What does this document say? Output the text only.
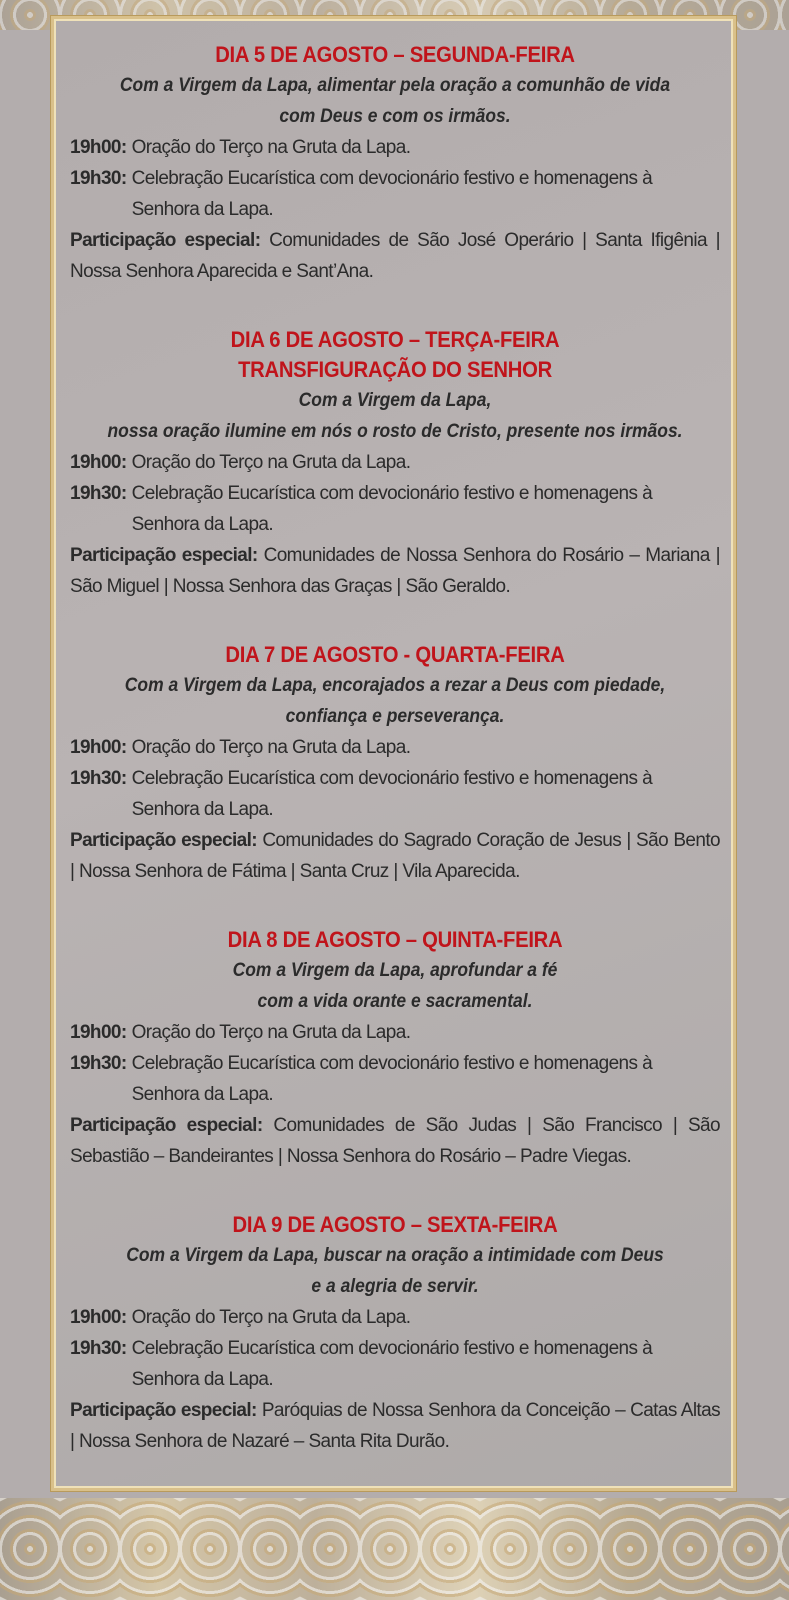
DIA 5 DE AGOSTO – SEGUNDA-FEIRA
Com a Virgem da Lapa, alimentar pela oração a comunhão de vida
com Deus e com os irmãos.
19h00: Oração do Terço na Gruta da Lapa.
19h30: Celebração Eucarística com devocionário festivo e homenagens à Senhora da Lapa.
Participação especial: Comunidades de São José Operário | Santa Ifigênia | Nossa Senhora Aparecida e Sant’Ana.
DIA 6 DE AGOSTO – TERÇA-FEIRA
TRANSFIGURAÇÃO DO SENHOR
Com a Virgem da Lapa,
nossa oração ilumine em nós o rosto de Cristo, presente nos irmãos.
19h00: Oração do Terço na Gruta da Lapa.
19h30: Celebração Eucarística com devocionário festivo e homenagens à Senhora da Lapa.
Participação especial: Comunidades de Nossa Senhora do Rosário – Mariana | São Miguel | Nossa Senhora das Graças | São Geraldo.
DIA 7 DE AGOSTO - QUARTA-FEIRA
Com a Virgem da Lapa, encorajados a rezar a Deus com piedade,
confiança e perseverança.
19h00: Oração do Terço na Gruta da Lapa.
19h30: Celebração Eucarística com devocionário festivo e homenagens à Senhora da Lapa.
Participação especial: Comunidades do Sagrado Coração de Jesus | São Bento | Nossa Senhora de Fátima | Santa Cruz | Vila Aparecida.
DIA 8 DE AGOSTO – QUINTA-FEIRA
Com a Virgem da Lapa, aprofundar a fé
com a vida orante e sacramental.
19h00: Oração do Terço na Gruta da Lapa.
19h30: Celebração Eucarística com devocionário festivo e homenagens à Senhora da Lapa.
Participação especial: Comunidades de São Judas | São Francisco | São Sebastião – Bandeirantes | Nossa Senhora do Rosário – Padre Viegas.
DIA 9 DE AGOSTO – SEXTA-FEIRA
Com a Virgem da Lapa, buscar na oração a intimidade com Deus
e a alegria de servir.
19h00: Oração do Terço na Gruta da Lapa.
19h30: Celebração Eucarística com devocionário festivo e homenagens à Senhora da Lapa.
Participação especial: Paróquias de Nossa Senhora da Conceição – Catas Altas | Nossa Senhora de Nazaré – Santa Rita Durão.
